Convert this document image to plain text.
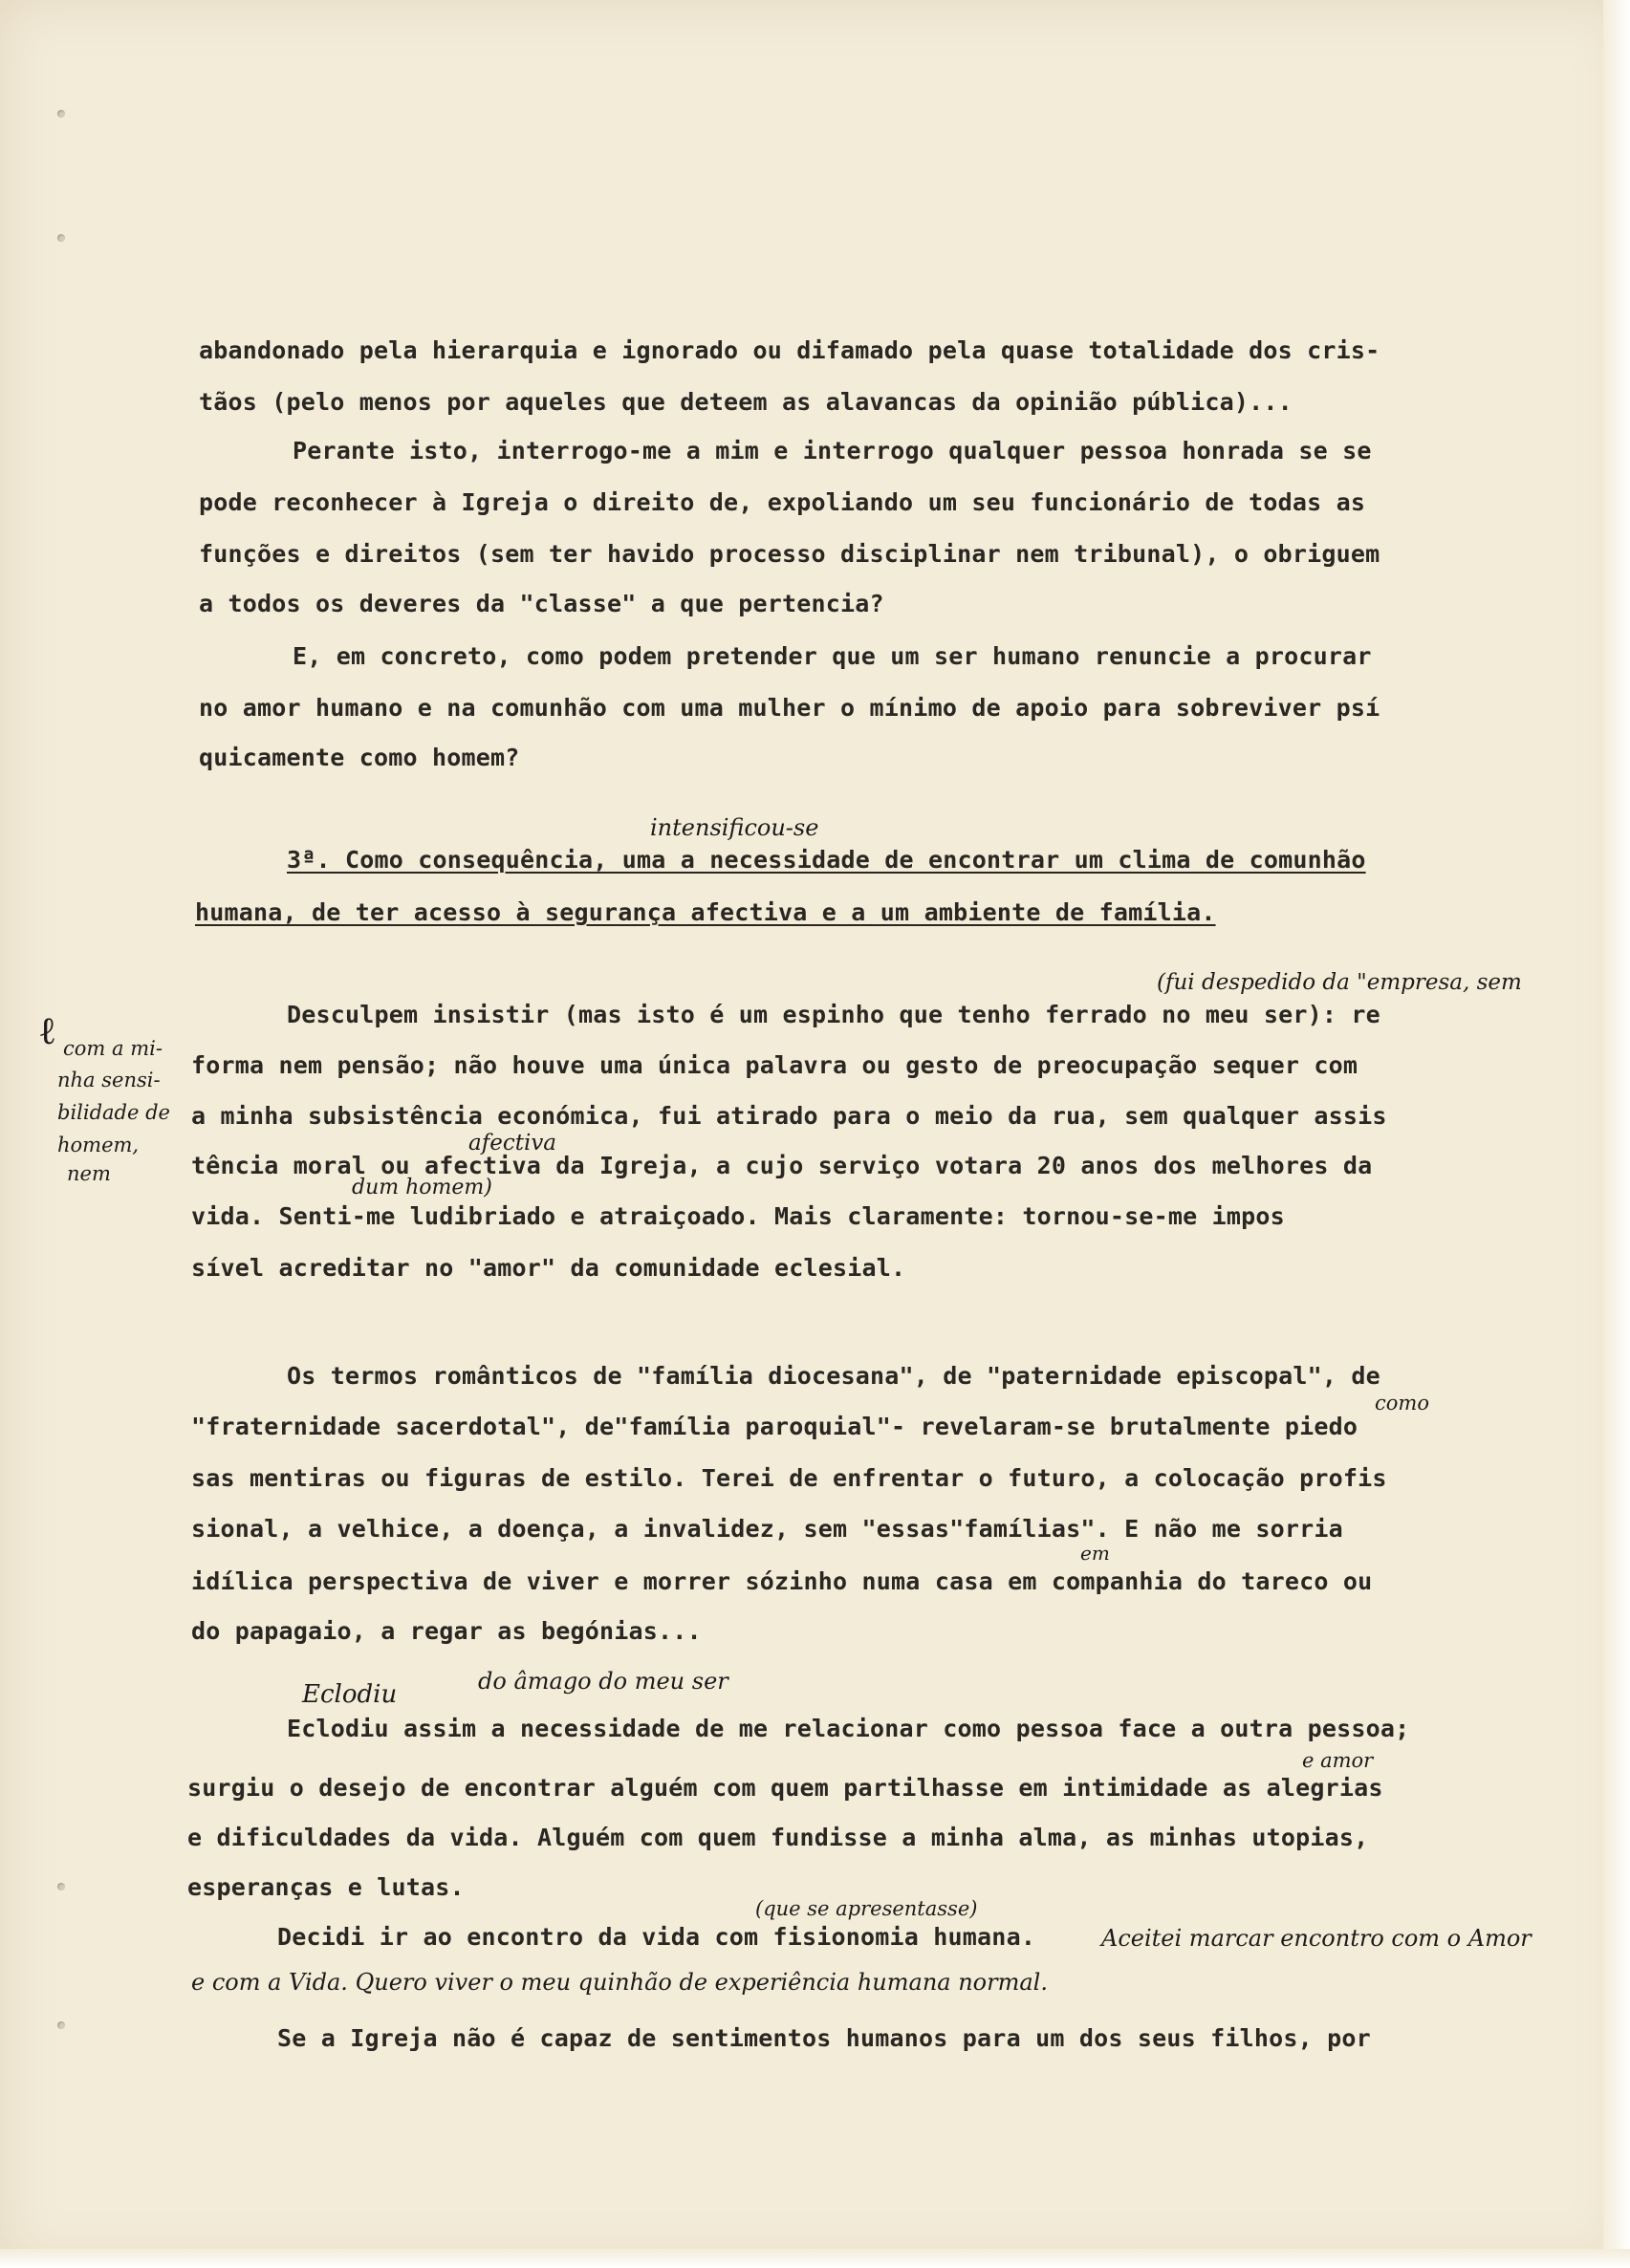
abandonado pela hierarquia e ignorado ou difamado pela quase totalidade dos cris-
tãos (pelo menos por aqueles que deteem as alavancas da opinião pública)...
Perante isto, interrogo-me a mim e interrogo qualquer pessoa honrada se se
pode reconhecer à Igreja o direito de, expoliando um seu funcionário de todas as
funções e direitos (sem ter havido processo disciplinar nem tribunal), o obriguem
a todos os deveres da "classe" a que pertencia?
E, em concreto, como podem pretender que um ser humano renuncie a procurar
no amor humano e na comunhão com uma mulher o mínimo de apoio para sobreviver psí
quicamente como homem?
intensificou-se
3ª. Como consequência, uma a necessidade de encontrar um clima de comunhão
humana, de ter acesso à segurança afectiva e a um ambiente de família.
(fui despedido da "empresa, sem
Desculpem insistir (mas isto é um espinho que tenho ferrado no meu ser): re
forma nem pensão; não houve uma única palavra ou gesto de preocupação sequer com
a minha subsistência económica, fui atirado para o meio da rua, sem qualquer assis
afectiva
tência moral ou afectiva da Igreja, a cujo serviço votara 20 anos dos melhores da
dum homem)
vida. Senti-me ludibriado e atraiçoado. Mais claramente: tornou-se-me impos
sível acreditar no "amor" da comunidade eclesial.
ℓ com a mi-
nha sensi-
bilidade de
homem,
nem
Os termos românticos de "família diocesana", de "paternidade episcopal", de
como
"fraternidade sacerdotal", de"família paroquial"- revelaram-se brutalmente piedo
sas mentiras ou figuras de estilo. Terei de enfrentar o futuro, a colocação profis
sional, a velhice, a doença, a invalidez, sem "essas"famílias". E não me sorria
em
idílica perspectiva de viver e morrer sózinho numa casa em companhia do tareco ou
do papagaio, a regar as begónias...
Eclodiu	do âmago do meu ser
Eclodiu assim a necessidade de me relacionar como pessoa face a outra pessoa;
e amor
surgiu o desejo de encontrar alguém com quem partilhasse em intimidade as alegrias
e dificuldades da vida. Alguém com quem fundisse a minha alma, as minhas utopias,
esperanças e lutas.
(que se apresentasse)
Decidi ir ao encontro da vida com fisionomia humana.	Aceitei marcar encontro com o Amor
e com a Vida. Quero viver o meu quinhão de experiência humana normal.
Se a Igreja não é capaz de sentimentos humanos para um dos seus filhos, por
